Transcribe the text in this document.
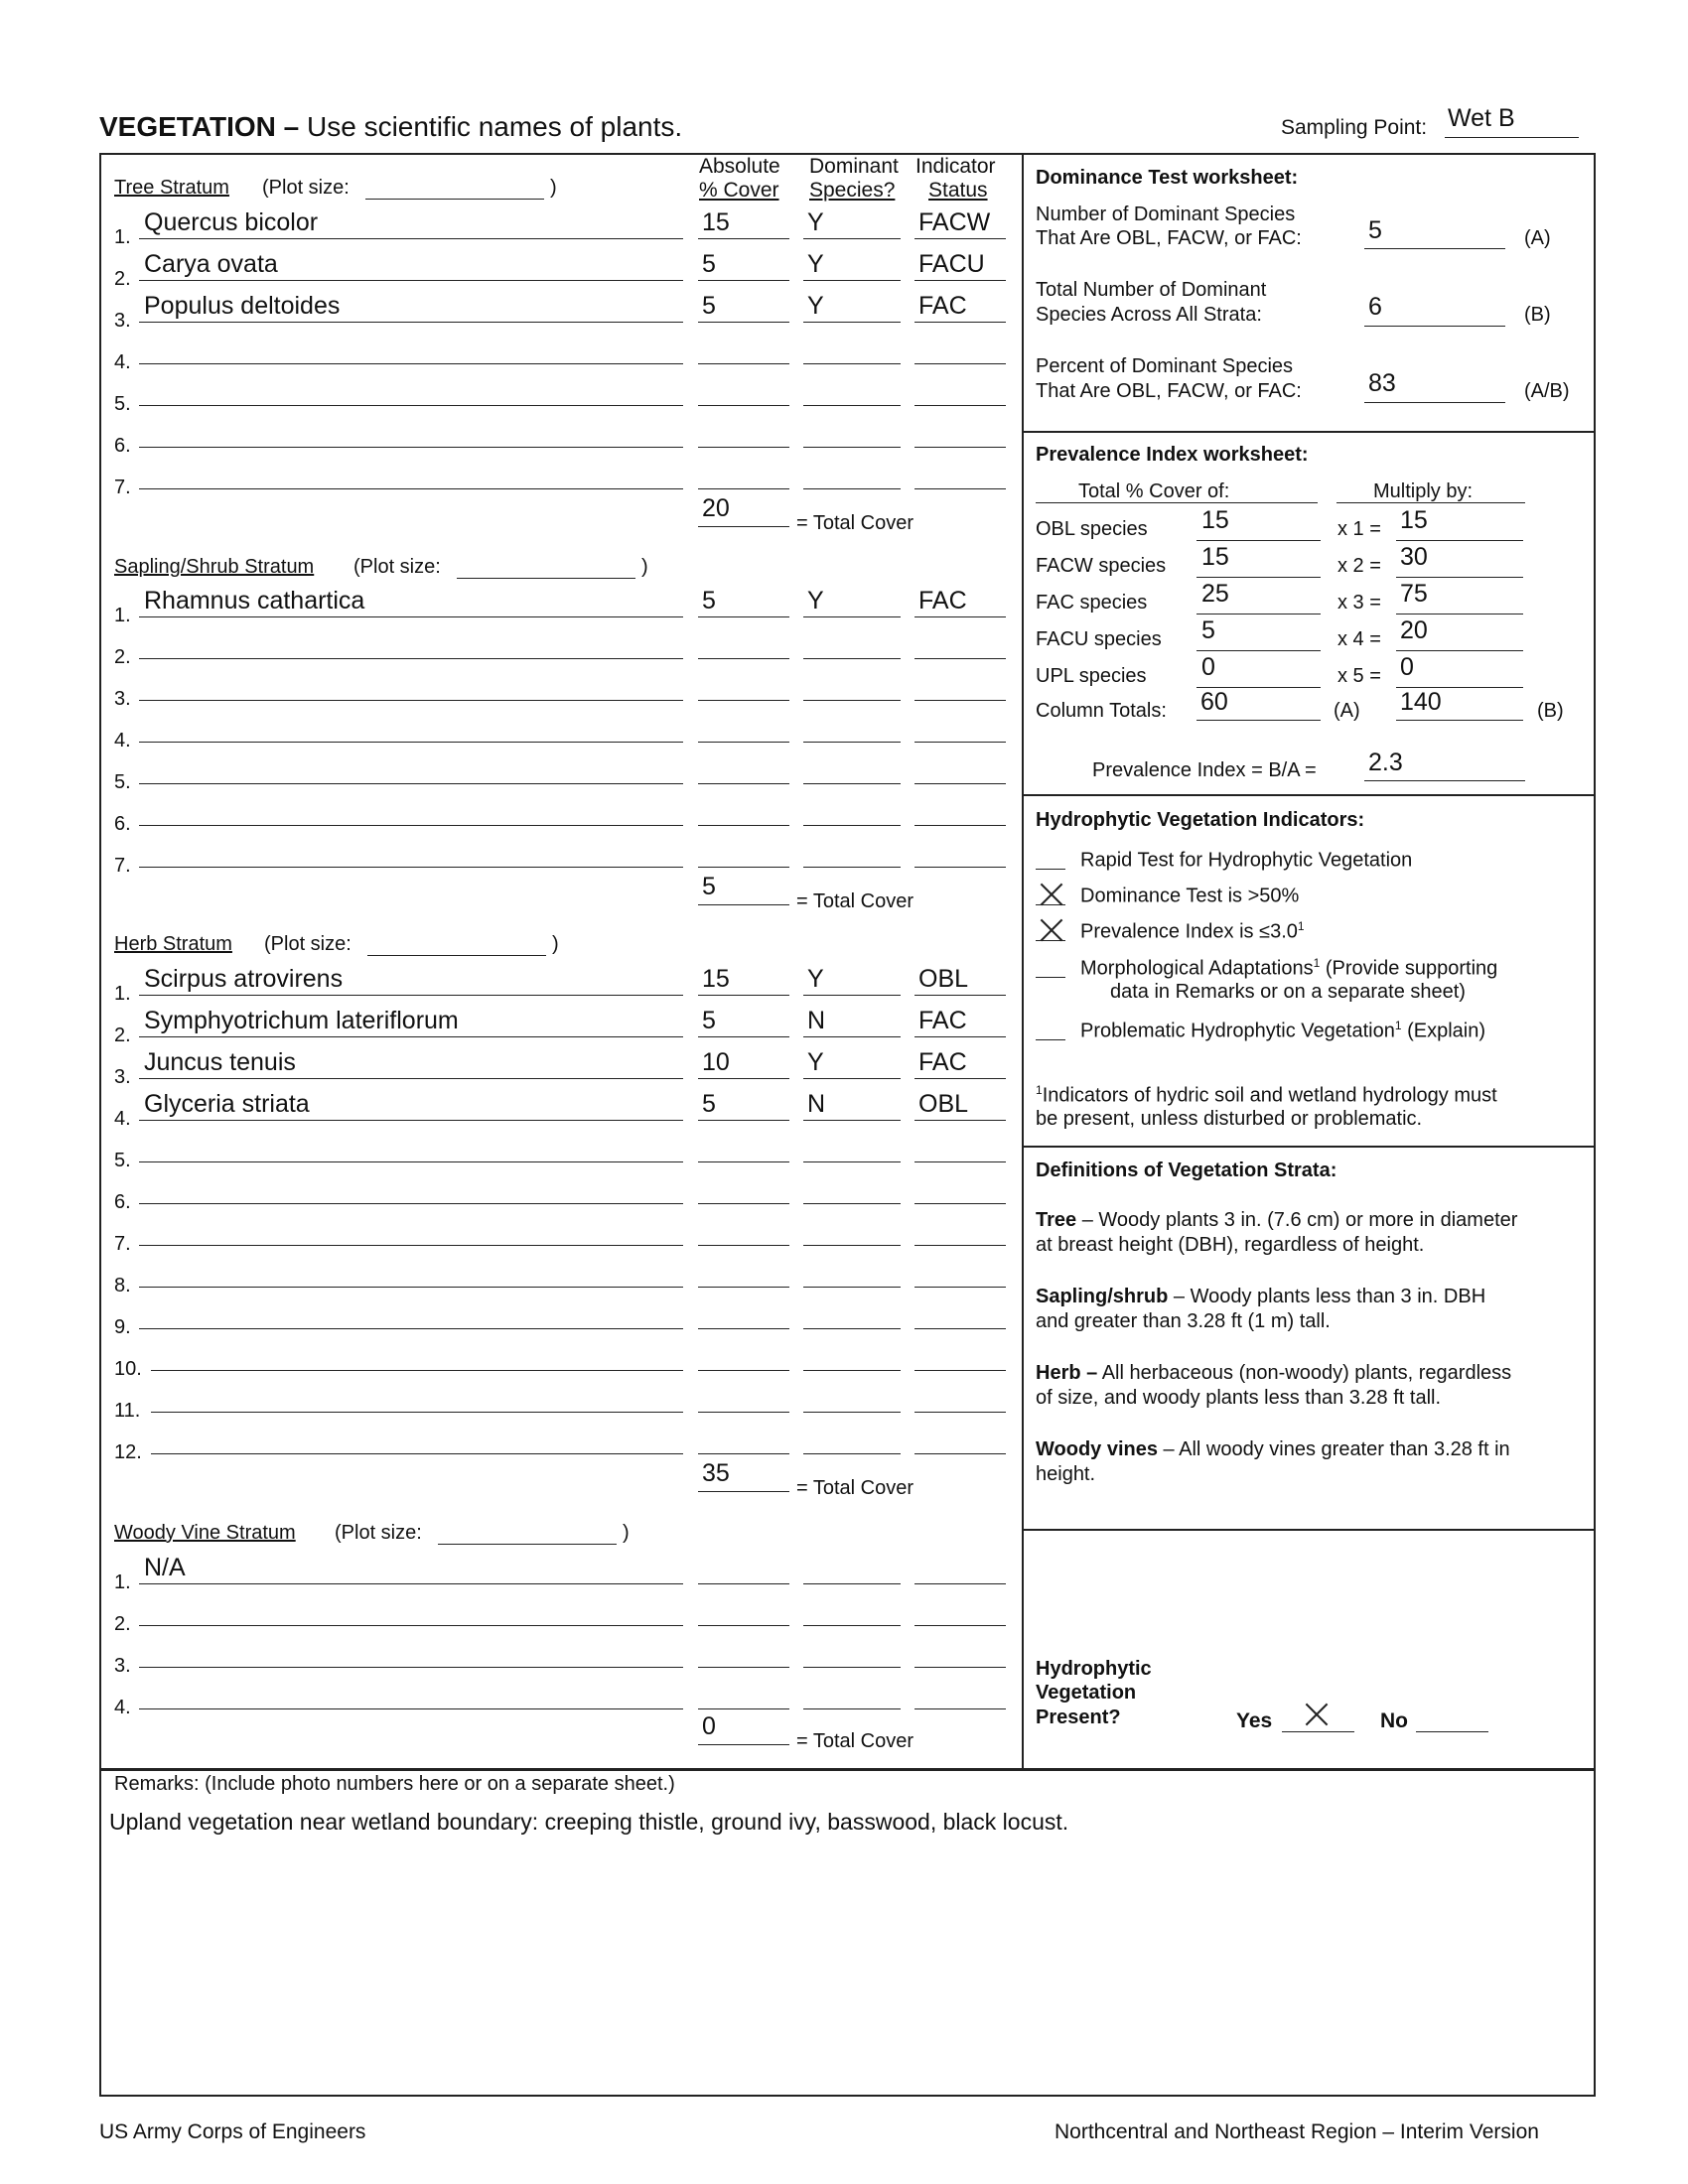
VEGETATION – Use scientific names of plants.	Sampling Point: Wet B
Absolute
% Cover
Dominant
Species?
Indicator
Status
Tree Stratum (Plot size:	)
1.
Quercus bicolor	15	Y	FACW
2.
Carya ovata	5	Y	FACU
3.
Populus deltoides	5	Y	FAC
4.
5.
6.
7.
20
= Total Cover
Sapling/Shrub Stratum (Plot size:	)
1.
Rhamnus cathartica	5	Y	FAC
2.
3.
4.
5.
6.
7.
5
= Total Cover
Herb Stratum (Plot size:	)
1.
Scirpus atrovirens	15	Y	OBL
2.
Symphyotrichum lateriflorum	5	N	FAC
3.
Juncus tenuis	10	Y	FAC
4.
Glyceria striata	5	N	OBL
5.
6.
7.
8.
9.
10.
11.
12.
35
= Total Cover
Woody Vine Stratum (Plot size:	)
1.
N/A
2.
3.
4.
0
= Total Cover
Dominance Test worksheet:
Number of Dominant Species
That Are OBL, FACW, or FAC:	5	(A)
Total Number of Dominant
Species Across All Strata:	6	(B)
Percent of Dominant Species
That Are OBL, FACW, or FAC:	83	(A/B)
Prevalence Index worksheet:
Total % Cover of:	Multiply by:
OBL species 15	x 1 = 15
FACW species 15	x 2 = 30
FAC species 25	x 3 = 75
FACU species 5	x 4 = 20
UPL species 0	x 5 = 0
Column Totals: 60	(A) 140	(B)
Prevalence Index = B/A = 2.3
Hydrophytic Vegetation Indicators:
Rapid Test for Hydrophytic Vegetation
Dominance Test is >50%
Prevalence Index is $\le 3.0^1$
Morphological Adaptations$^1$ (Provide supporting
Problematic Hydrophytic Vegetation$^1$ (Explain)
data in Remarks or on a separate sheet)
$^1$Indicators of hydric soil and wetland hydrology must
be present, unless disturbed or problematic.
Definitions of Vegetation Strata:
Tree – Woody plants 3 in. (7.6 cm) or more in diameter
at breast height (DBH), regardless of height.
Sapling/shrub – Woody plants less than 3 in. DBH
and greater than 3.28 ft (1 m) tall.
Herb – All herbaceous (non-woody) plants, regardless
of size, and woody plants less than 3.28 ft tall.
Woody vines – All woody vines greater than 3.28 ft in
height.
Hydrophytic
Vegetation
Present?	Yes	No
Remarks: (Include photo numbers here or on a separate sheet.)
Upland vegetation near wetland boundary: creeping thistle, ground ivy, basswood, black locust.
US Army Corps of Engineers	Northcentral and Northeast Region – Interim Version
